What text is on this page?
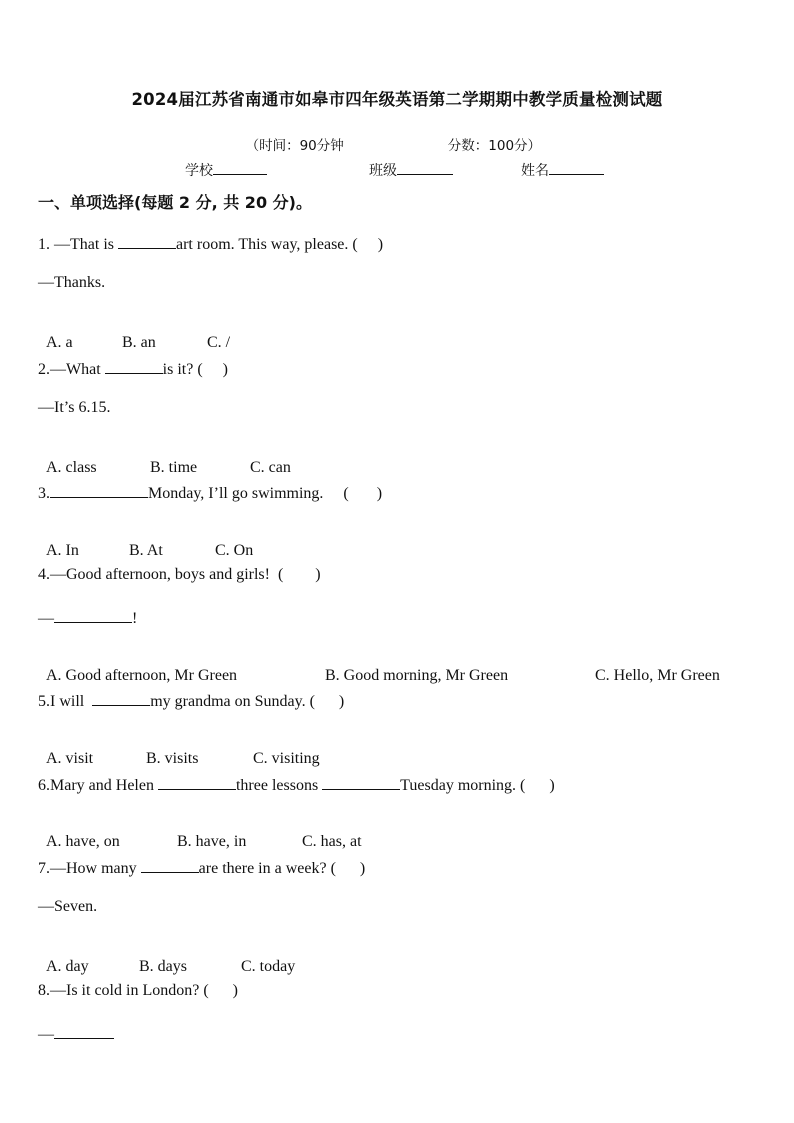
2024届江苏省南通市如皋市四年级英语第二学期期中教学质量检测试题

（时间：90分钟	分数：100分）

学校	班级	姓名
一、单项选择(每题 2 分, 共 20 分)。
1. —That is	art room. This way, please. (     )
—Thanks.

A. a	B. an	C. /

2.—What	is it? (     )
—It’s 6.15.

A. class	B. time	C. can

3.	Monday, I’ll go swimming.     (       )

A. In	B. At	C. On

4.—Good afternoon, boys and girls!  (        )
—	!

A. Good afternoon, Mr Green	B. Good morning, Mr Green	C. Hello, Mr Green

5.I will	my grandma on Sunday. (      )

A. visit	B. visits	C. visiting

6.Mary and Helen	three lessons	Tuesday morning. (      )

A. have, on	B. have, in	C. has, at

7.—How many	are there in a week? (      )
—Seven.

A. day	B. days	C. today

8.—Is it cold in London? (      )
—
